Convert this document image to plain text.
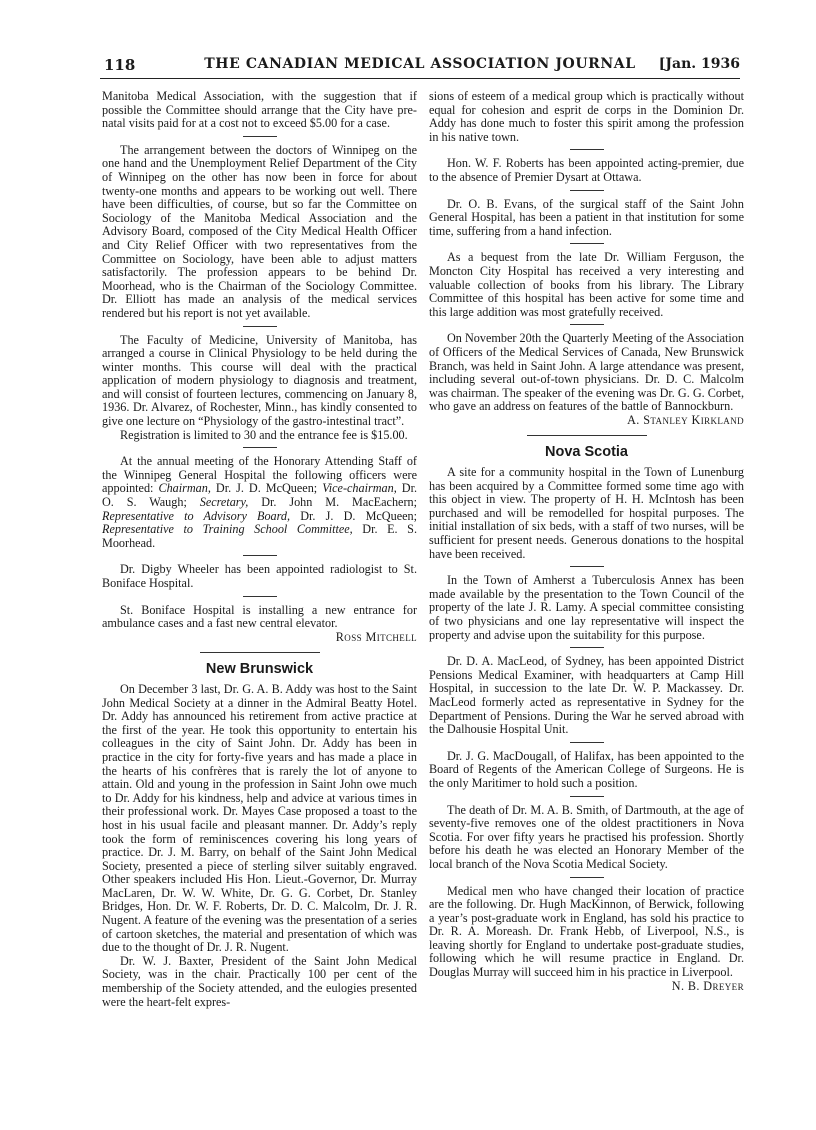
118	THE CANADIAN MEDICAL ASSOCIATION JOURNAL	[Jan. 1936

Manitoba Medical Association, with the suggestion that if possible the Committee should arrange that the City have pre-natal visits paid for at a cost not to exceed $5.00 for a case.

The arrangement between the doctors of Winnipeg on the one hand and the Unemployment Relief Department of the City of Winnipeg on the other has now been in force for about twenty-one months and appears to be working out well. There have been difficulties, of course, but so far the Committee on Sociology of the Manitoba Medical Association and the Advisory Board, composed of the City Medical Health Officer and City Relief Officer with two representatives from the Committee on Sociology, have been able to adjust matters satisfactorily. The profession appears to be behind Dr. Moorhead, who is the Chairman of the Sociology Committee. Dr. Elliott has made an analysis of the medical services rendered but his report is not yet available.

The Faculty of Medicine, University of Manitoba, has arranged a course in Clinical Physiology to be held during the winter months. This course will deal with the practical application of modern physiology to diagnosis and treatment, and will consist of fourteen lectures, commencing on January 8, 1936. Dr. Alvarez, of Rochester, Minn., has kindly consented to give one lecture on “Physiology of the gastro-intestinal tract”.

Registration is limited to 30 and the entrance fee is $15.00.

At the annual meeting of the Honorary Attending Staff of the Winnipeg General Hospital the following officers were appointed: Chairman, Dr. J. D. McQueen; Vice-chairman, Dr. O. S. Waugh; Secretary, Dr. John M. MacEachern; Representative to Advisory Board, Dr. J. D. McQueen; Representative to Training School Committee, Dr. E. S. Moorhead.

Dr. Digby Wheeler has been appointed radiologist to St. Boniface Hospital.

St. Boniface Hospital is installing a new entrance for ambulance cases and a fast new central elevator.

Ross Mitchell
New Brunswick

On December 3 last, Dr. G. A. B. Addy was host to the Saint John Medical Society at a dinner in the Admiral Beatty Hotel. Dr. Addy has announced his retirement from active practice at the first of the year. He took this opportunity to entertain his colleagues in the city of Saint John. Dr. Addy has been in practice in the city for forty-five years and has made a place in the hearts of his confrères that is rarely the lot of anyone to attain. Old and young in the profession in Saint John owe much to Dr. Addy for his kindness, help and advice at various times in their professional work. Dr. Mayes Case proposed a toast to the host in his usual facile and pleasant manner. Dr. Addy’s reply took the form of reminiscences covering his long years of practice. Dr. J. M. Barry, on behalf of the Saint John Medical Society, presented a piece of sterling silver suitably engraved. Other speakers included His Hon. Lieut.-Governor, Dr. Murray MacLaren, Dr. W. W. White, Dr. G. G. Corbet, Dr. Stanley Bridges, Hon. Dr. W. F. Roberts, Dr. D. C. Malcolm, Dr. J. R. Nugent. A feature of the evening was the presentation of a series of cartoon sketches, the material and presentation of which was due to the thought of Dr. J. R. Nugent.

Dr. W. J. Baxter, President of the Saint John Medical Society, was in the chair. Practically 100 per cent of the membership of the Society attended, and the eulogies presented were the heart-felt expres-

sions of esteem of a medical group which is practically without equal for cohesion and esprit de corps in the Dominion Dr. Addy has done much to foster this spirit among the profession in his native town.

Hon. W. F. Roberts has been appointed acting-premier, due to the absence of Premier Dysart at Ottawa.

Dr. O. B. Evans, of the surgical staff of the Saint John General Hospital, has been a patient in that institution for some time, suffering from a hand infection.

As a bequest from the late Dr. William Ferguson, the Moncton City Hospital has received a very interesting and valuable collection of books from his library. The Library Committee of this hospital has been active for some time and this large addition was most gratefully received.

On November 20th the Quarterly Meeting of the Association of Officers of the Medical Services of Canada, New Brunswick Branch, was held in Saint John. A large attendance was present, including several out-of-town physicians. Dr. D. C. Malcolm was chairman. The speaker of the evening was Dr. G. G. Corbet, who gave an address on features of the battle of Bannockburn.
A. Stanley Kirkland

Nova Scotia

A site for a community hospital in the Town of Lunenburg has been acquired by a Committee formed some time ago with this object in view. The property of H. H. McIntosh has been purchased and will be remodelled for hospital purposes. The initial installation of six beds, with a staff of two nurses, will be sufficient for present needs. Generous donations to the hospital have been received.

In the Town of Amherst a Tuberculosis Annex has been made available by the presentation to the Town Council of the property of the late J. R. Lamy. A special committee consisting of two physicians and one lay representative will inspect the property and advise upon the suitability for this purpose.

Dr. D. A. MacLeod, of Sydney, has been appointed District Pensions Medical Examiner, with headquarters at Camp Hill Hospital, in succession to the late Dr. W. P. Mackassey. Dr. MacLeod formerly acted as representative in Sydney for the Department of Pensions. During the War he served abroad with the Dalhousie Hospital Unit.

Dr. J. G. MacDougall, of Halifax, has been appointed to the Board of Regents of the American College of Surgeons. He is the only Maritimer to hold such a position.

The death of Dr. M. A. B. Smith, of Dartmouth, at the age of seventy-five removes one of the oldest practitioners in Nova Scotia. For over fifty years he practised his profession. Shortly before his death he was elected an Honorary Member of the local branch of the Nova Scotia Medical Society.

Medical men who have changed their location of practice are the following. Dr. Hugh MacKinnon, of Berwick, following a year’s post-graduate work in England, has sold his practice to Dr. R. A. Moreash. Dr. Frank Hebb, of Liverpool, N.S., is leaving shortly for England to undertake post-graduate studies, following which he will resume practice in England. Dr. Douglas Murray will succeed him in his practice in Liverpool.
N. B. Dreyer
